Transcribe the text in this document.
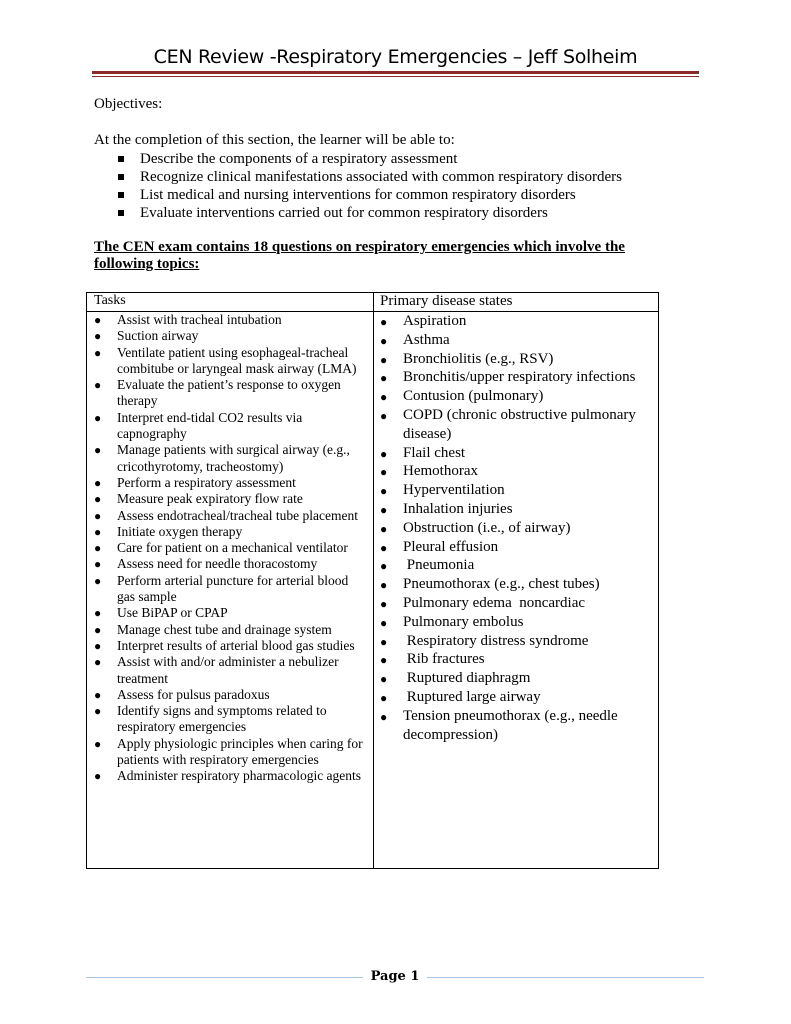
CEN Review -Respiratory Emergencies – Jeff Solheim
Objectives:
At the completion of this section, the learner will be able to:
Describe the components of a respiratory assessment
Recognize clinical manifestations associated with common respiratory disorders
List medical and nursing interventions for common respiratory disorders
Evaluate interventions carried out for common respiratory disorders
The CEN exam contains 18 questions on respiratory emergencies which involve the following topics:
Tasks	Primary disease states
● Assist with tracheal intubation
● Suction airway
● Ventilate patient using esophageal-tracheal combitube or laryngeal mask airway (LMA)
● Evaluate the patient’s response to oxygen therapy
● Interpret end-tidal CO2 results via capnography
● Manage patients with surgical airway (e.g., cricothyrotomy, tracheostomy)
● Perform a respiratory assessment
● Measure peak expiratory flow rate
● Assess endotracheal/tracheal tube placement
● Initiate oxygen therapy
● Care for patient on a mechanical ventilator
● Assess need for needle thoracostomy
● Perform arterial puncture for arterial blood gas sample
● Use BiPAP or CPAP
● Manage chest tube and drainage system
● Interpret results of arterial blood gas studies
● Assist with and/or administer a nebulizer treatment
● Assess for pulsus paradoxus
● Identify signs and symptoms related to respiratory emergencies
● Apply physiologic principles when caring for patients with respiratory emergencies
● Administer respiratory pharmacologic agents
● Aspiration
● Asthma
● Bronchiolitis (e.g., RSV)
● Bronchitis/upper respiratory infections
● Contusion (pulmonary)
● COPD (chronic obstructive pulmonary disease)
● Flail chest
● Hemothorax
● Hyperventilation
● Inhalation injuries
● Obstruction (i.e., of airway)
● Pleural effusion
● Pneumonia
● Pneumothorax (e.g., chest tubes)
● Pulmonary edema  noncardiac
● Pulmonary embolus
● Respiratory distress syndrome
● Rib fractures
● Ruptured diaphragm
● Ruptured large airway
● Tension pneumothorax (e.g., needle decompression)
Page 1
